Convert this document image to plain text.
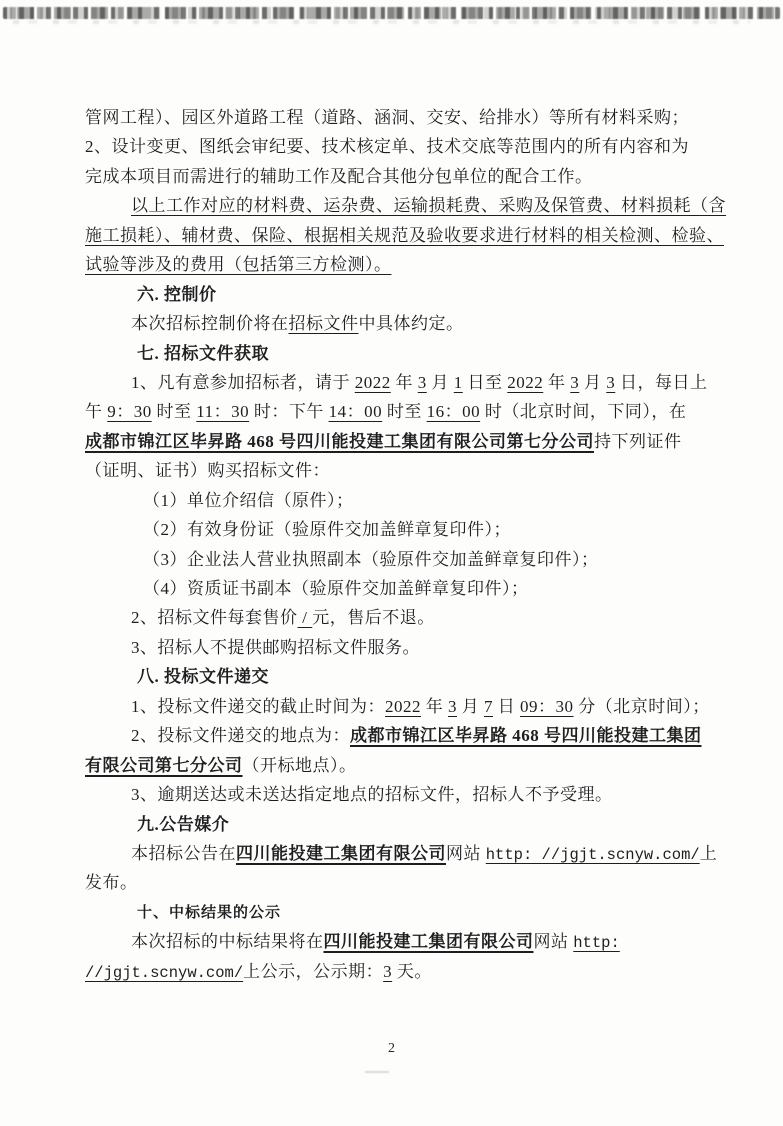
管网工程）、园区外道路工程（道路、涵洞、交安、给排水）等所有材料采购；
2、设计变更、图纸会审纪要、技术核定单、技术交底等范围内的所有内容和为
完成本项目而需进行的辅助工作及配合其他分包单位的配合工作。
以上工作对应的材料费、运杂费、运输损耗费、采购及保管费、材料损耗（含
施工损耗）、辅材费、保险、根据相关规范及验收要求进行材料的相关检测、检验、
试验等涉及的费用（包括第三方检测）。
六. 控制价
本次招标控制价将在招标文件中具体约定。
七. 招标文件获取
1、凡有意参加招标者，请于 2022 年 3 月 1 日至 2022 年 3 月 3 日，每日上
午 9：30 时至 11：30 时：下午 14：00 时至 16：00 时（北京时间，下同），在
成都市锦江区毕昇路 468 号四川能投建工集团有限公司第七分公司持下列证件
（证明、证书）购买招标文件：
（1）单位介绍信（原件）；
（2）有效身份证（验原件交加盖鲜章复印件）；
（3）企业法人营业执照副本（验原件交加盖鲜章复印件）；
（4）资质证书副本（验原件交加盖鲜章复印件）；
2、招标文件每套售价 / 元，售后不退。
3、招标人不提供邮购招标文件服务。
八. 投标文件递交
1、投标文件递交的截止时间为：2022 年 3 月 7 日 09：30 分（北京时间）；
2、投标文件递交的地点为：成都市锦江区毕昇路 468 号四川能投建工集团
有限公司第七分公司（开标地点）。
3、逾期送达或未送达指定地点的招标文件，招标人不予受理。
九.公告媒介
本招标公告在四川能投建工集团有限公司网站 http: //jgjt.scnyw.com/上
发布。
十、中标结果的公示
本次招标的中标结果将在四川能投建工集团有限公司网站 http:
//jgjt.scnyw.com/上公示，公示期：3 天。
2
